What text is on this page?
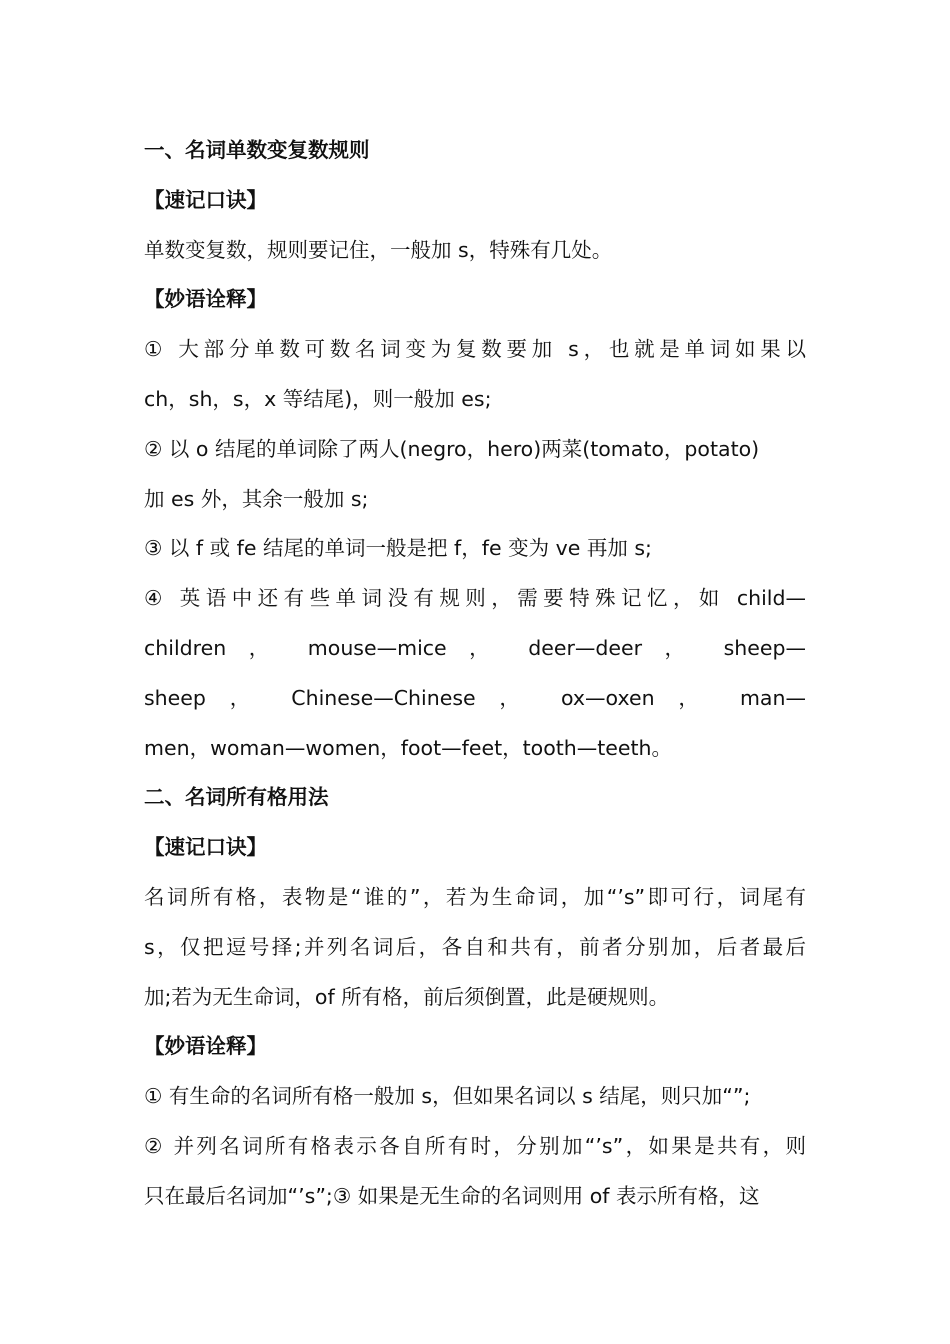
一、名词单数变复数规则
【速记口诀】
单数变复数，规则要记住，一般加 s，特殊有几处。
【妙语诠释】
① 大部分单数可数名词变为复数要加 s，也就是单词如果以
ch，sh，s，x 等结尾)，则一般加 es;
② 以 o 结尾的单词除了两人(negro，hero)两菜(tomato，potato)
加 es 外，其余一般加 s;
③ 以 f 或 fe 结尾的单词一般是把 f，fe 变为 ve 再加 s;
④ 英语中还有些单词没有规则，需要特殊记忆，如 child—
children ， mouse—mice ， deer—deer ， sheep—
sheep ， Chinese—Chinese ， ox—oxen ， man—
men，woman—women，foot—feet，tooth—teeth。
二、名词所有格用法
【速记口诀】
名词所有格，表物是“谁的”，若为生命词，加“’s”即可行，词尾有
s，仅把逗号择;并列名词后，各自和共有，前者分别加，后者最后
加;若为无生命词，of 所有格，前后须倒置，此是硬规则。
【妙语诠释】
① 有生命的名词所有格一般加 s，但如果名词以 s 结尾，则只加“”;
② 并列名词所有格表示各自所有时，分别加“’s”，如果是共有，则
只在最后名词加“’s”;③ 如果是无生命的名词则用 of 表示所有格，这
